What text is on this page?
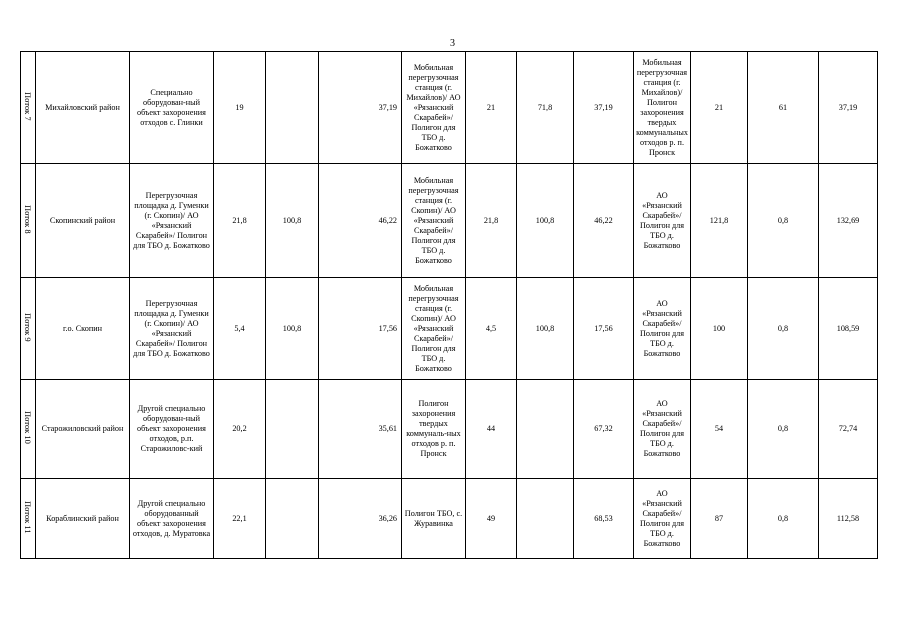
3
Поток 7	Михайловский район	Специально оборудован-ный объект захоронения отходов с. Глинки	19		37,19	Мобильная перегрузочная станция (г. Михайлов)/ АО «Рязанский Скарабей»/ Полигон для ТБО д. Божатково	21	71,8	37,19	Мобильная перегрузочная станция (г. Михайлов)/ Полигон захоронения твердых коммунальных отходов р. п. Пронск	21	61	37,19
Поток 8	Скопинский район	Перегрузочная площадка д. Гуменки (г. Скопин)/ АО «Рязанский Скарабей»/ Полигон для ТБО д. Божатково	21,8	100,8	46,22	Мобильная перегрузочная станция (г. Скопин)/ АО «Рязанский Скарабей»/ Полигон для ТБО д. Божатково	21,8	100,8	46,22	АО «Рязанский Скарабей»/ Полигон для ТБО д. Божатково	121,8	0,8	132,69
Поток 9	г.о. Скопин	Перегрузочная площадка д. Гуменки (г. Скопин)/ АО «Рязанский Скарабей»/ Полигон для ТБО д. Божатково	5,4	100,8	17,56	Мобильная перегрузочная станция (г. Скопин)/ АО «Рязанский Скарабей»/ Полигон для ТБО д. Божатково	4,5	100,8	17,56	АО «Рязанский Скарабей»/ Полигон для ТБО д. Божатково	100	0,8	108,59
Поток 10	Старожиловский район	Другой специально оборудован-ный объект захоронения отходов, р.п. Старожиловс-кий	20,2		35,61	Полигон захоронения твердых коммуналь-ных отходов р. п. Пронск	44		67,32	АО «Рязанский Скарабей»/ Полигон для ТБО д. Божатково	54	0,8	72,74
Поток 11	Кораблинский район	Другой специально оборудованный объект захоронения отходов, д. Муратовка	22,1		36,26	Полигон ТБО, с. Журавинка	49		68,53	АО «Рязанский Скарабей»/ Полигон для ТБО д. Божатково	87	0,8	112,58
